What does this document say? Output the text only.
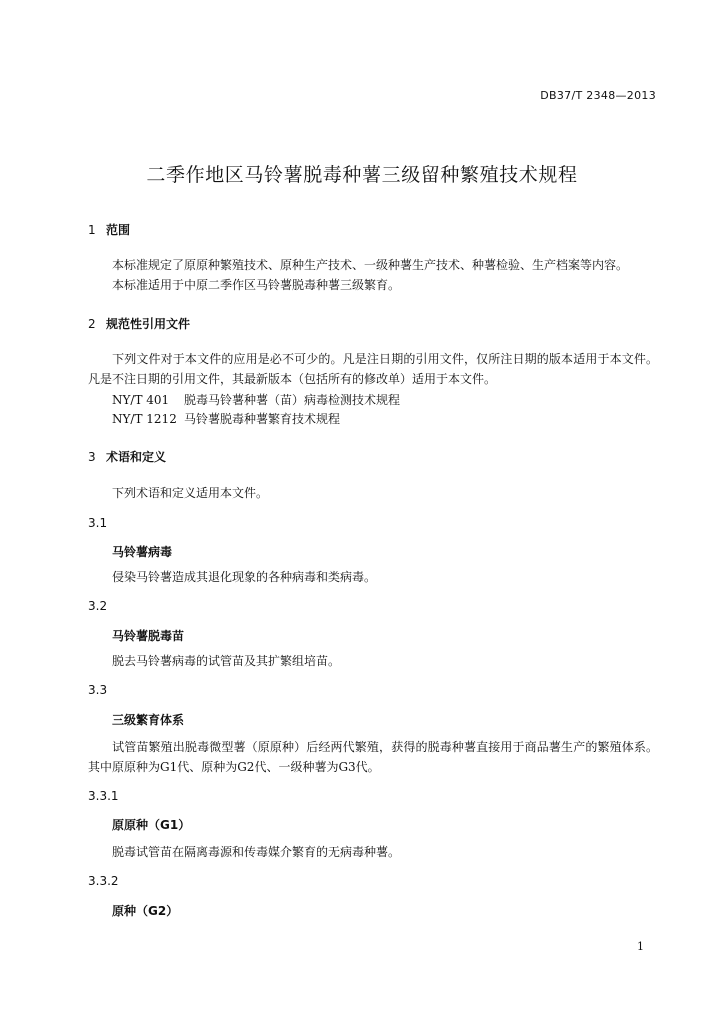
DB37/T 2348—2013
二季作地区马铃薯脱毒种薯三级留种繁殖技术规程
1 范围
本标准规定了原原种繁殖技术、原种生产技术、一级种薯生产技术、种薯检验、生产档案等内容。
本标准适用于中原二季作区马铃薯脱毒种薯三级繁育。
2 规范性引用文件
下列文件对于本文件的应用是必不可少的。凡是注日期的引用文件，仅所注日期的版本适用于本文件。凡是不注日期的引用文件，其最新版本（包括所有的修改单）适用于本文件。
NY/T 401 脱毒马铃薯种薯（苗）病毒检测技术规程
NY/T 1212 马铃薯脱毒种薯繁育技术规程
3 术语和定义
下列术语和定义适用本文件。
3.1
马铃薯病毒
侵染马铃薯造成其退化现象的各种病毒和类病毒。
3.2
马铃薯脱毒苗
脱去马铃薯病毒的试管苗及其扩繁组培苗。
3.3
三级繁育体系
试管苗繁殖出脱毒微型薯（原原种）后经两代繁殖，获得的脱毒种薯直接用于商品薯生产的繁殖体系。其中原原种为G1代、原种为G2代、一级种薯为G3代。
3.3.1
原原种（G1）
脱毒试管苗在隔离毒源和传毒媒介繁育的无病毒种薯。
3.3.2
原种（G2）
1
